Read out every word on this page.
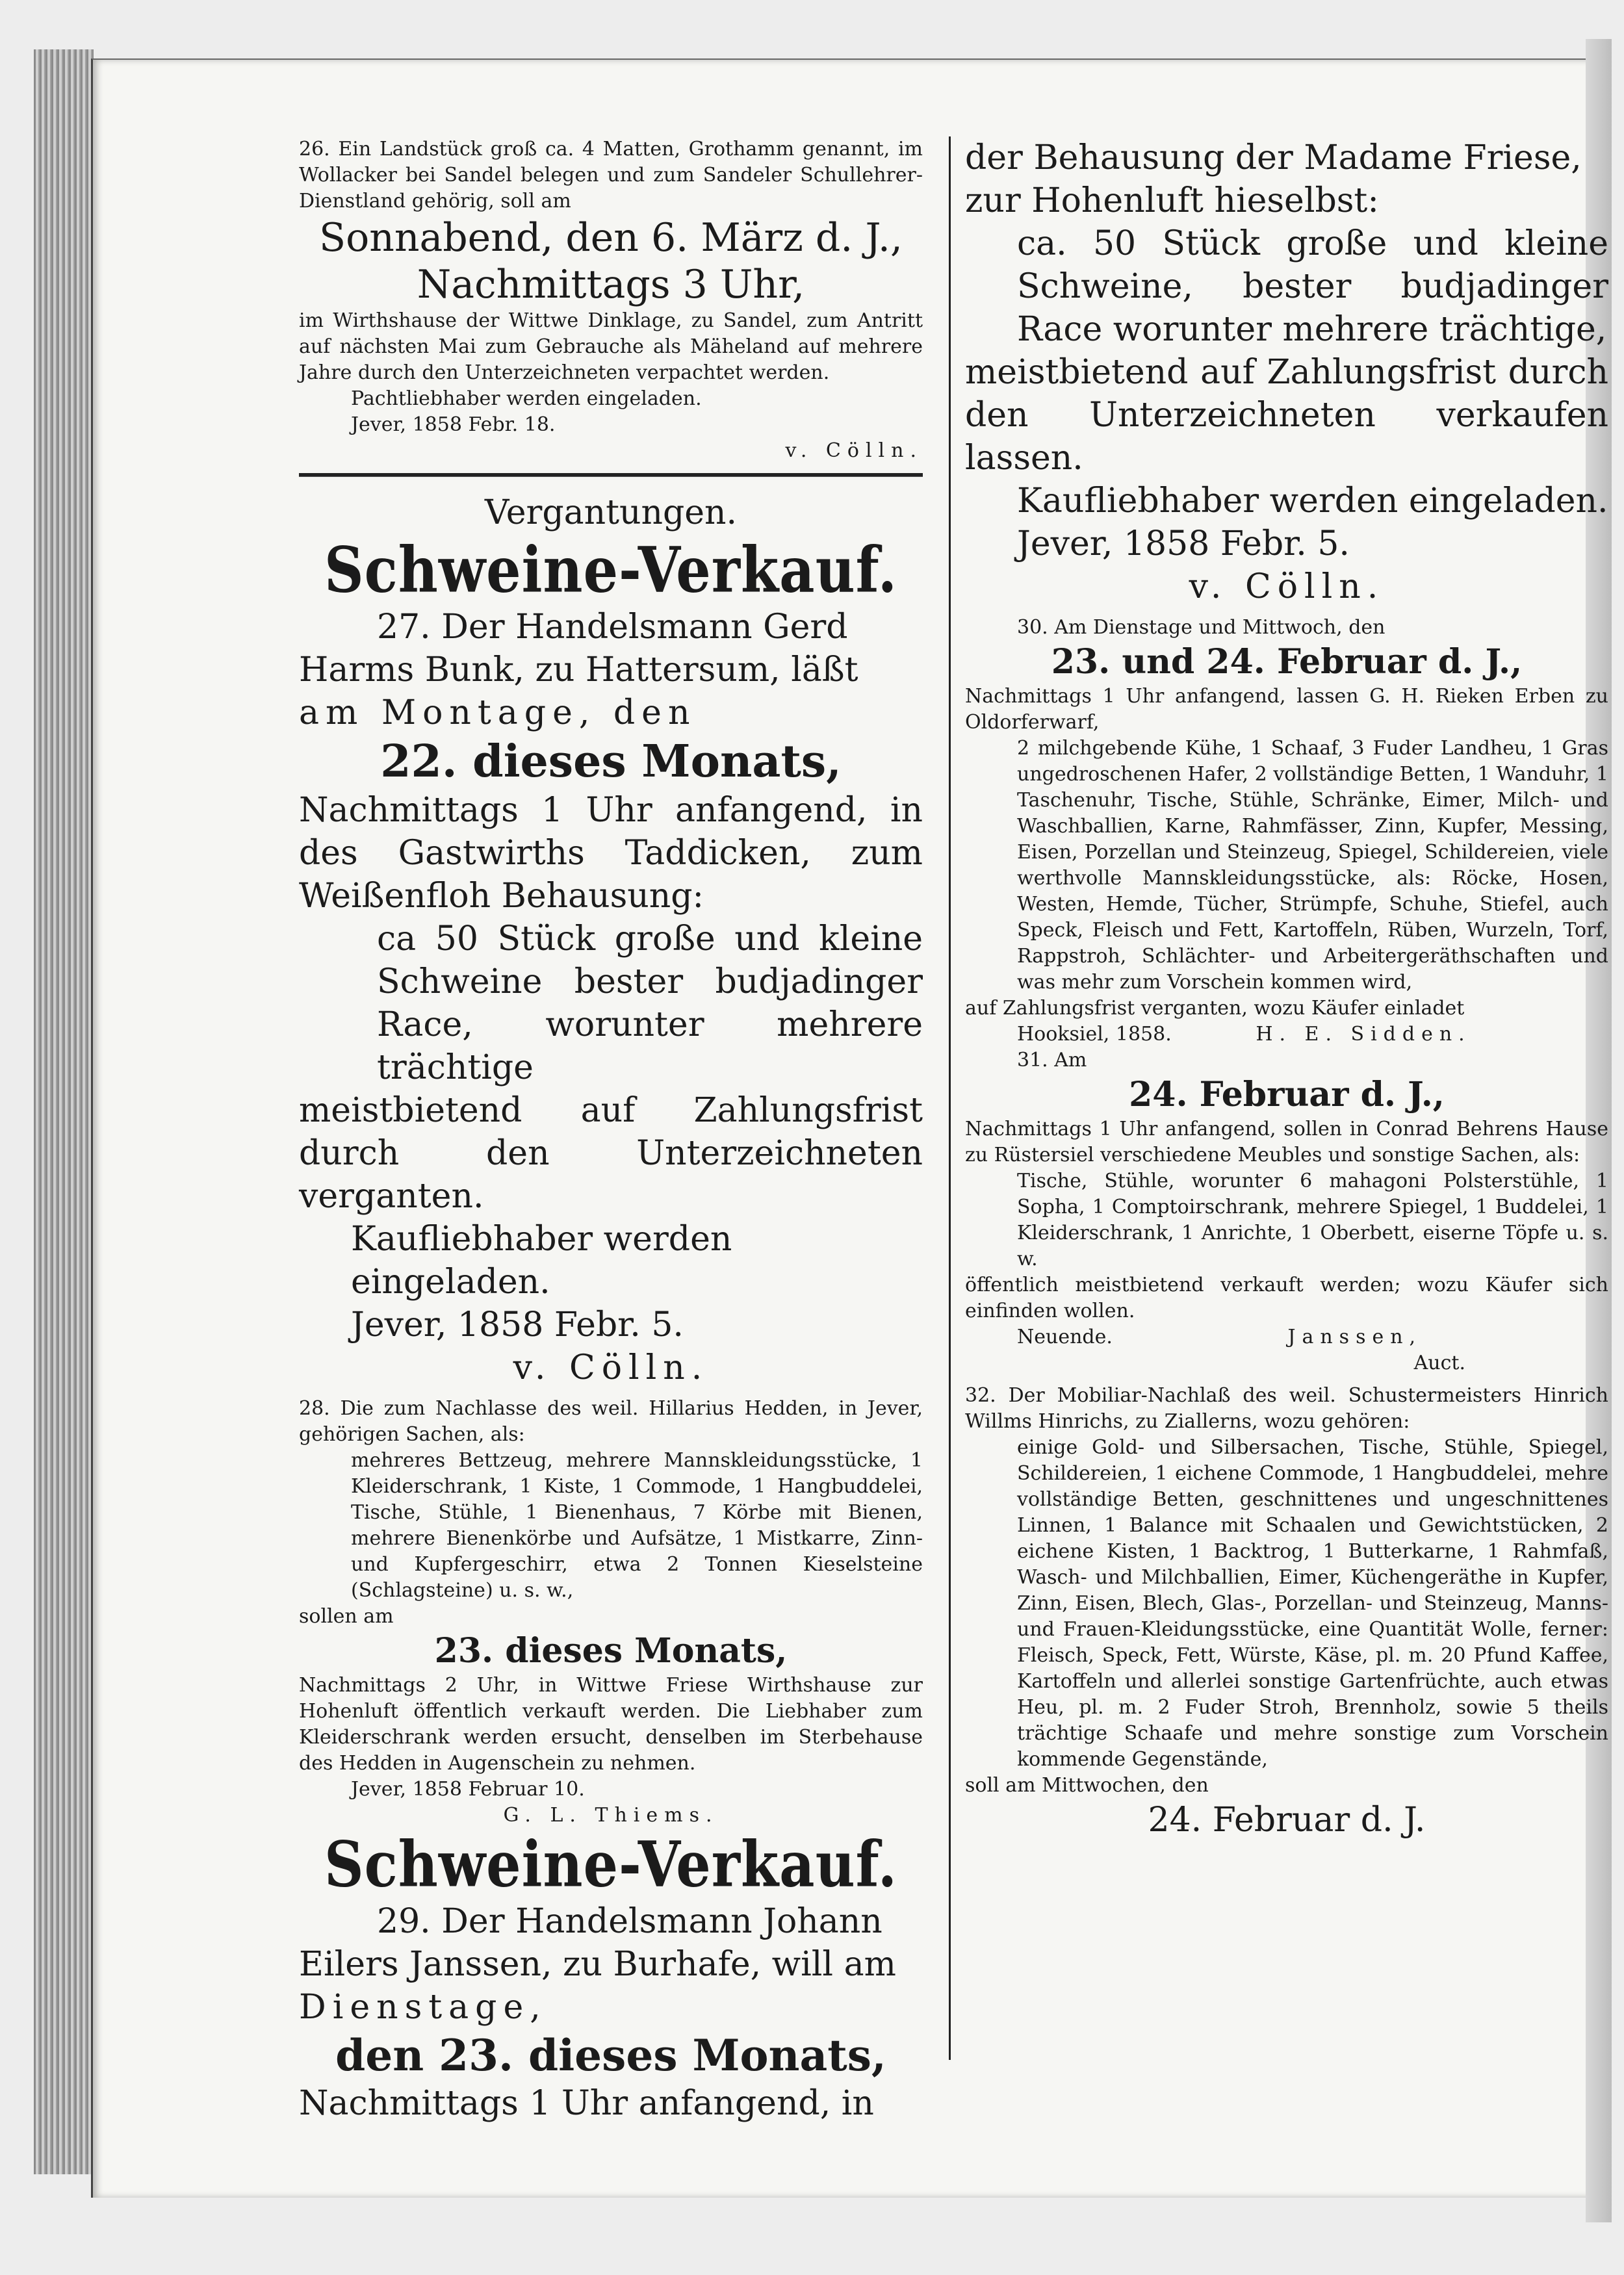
26. Ein Landstück groß ca. 4 Matten, Grothamm genannt, im Wollacker bei Sandel belegen und zum Sandeler Schullehrer-Dienstland gehörig, soll am

Sonnabend, den 6. März d. J.,

Nachmittags 3 Uhr,

im Wirthshause der Wittwe Dinklage, zu Sandel, zum Antritt auf nächsten Mai zum Gebrauche als Mäheland auf mehrere Jahre durch den Unterzeichneten verpachtet werden.

Pachtliebhaber werden eingeladen.

Jever, 1858 Febr. 18.

v. Cölln.

Vergantungen.

Schweine-Verkauf.

27. Der Handelsmann Gerd

Harms Bunk, zu Hattersum, läßt

am Montage, den

22. dieses Monats,

Nachmittags 1 Uhr anfangend, in des Gastwirths Taddicken, zum Weißenfloh Behausung:

ca 50 Stück große und kleine Schweine bester budjadinger Race, worunter mehrere trächtige

meistbietend auf Zahlungsfrist durch den Unterzeichneten verganten.

Kaufliebhaber werden eingeladen.

Jever, 1858 Febr. 5.

v. Cölln.

28. Die zum Nachlasse des weil. Hillarius Hedden, in Jever, gehörigen Sachen, als:

mehreres Bettzeug, mehrere Mannskleidungsstücke, 1 Kleiderschrank, 1 Kiste, 1 Commode, 1 Hangbuddelei, Tische, Stühle, 1 Bienenhaus, 7 Körbe mit Bienen, mehrere Bienenkörbe und Aufsätze, 1 Mistkarre, Zinn- und Kupfergeschirr, etwa 2 Tonnen Kieselsteine (Schlagsteine) u. s. w.,

sollen am

23. dieses Monats,

Nachmittags 2 Uhr, in Wittwe Friese Wirthshause zur Hohenluft öffentlich verkauft werden. Die Liebhaber zum Kleiderschrank werden ersucht, denselben im Sterbehause des Hedden in Augenschein zu nehmen.

Jever, 1858 Februar 10.

G. L. Thiems.

Schweine-Verkauf.

29. Der Handelsmann Johann

Eilers Janssen, zu Burhafe, will am

Dienstage,

den 23. dieses Monats,

Nachmittags 1 Uhr anfangend, in

der Behausung der Madame Friese,

zur Hohenluft hieselbst:

ca. 50 Stück große und kleine Schweine, bester budjadinger Race worunter mehrere trächtige,

meistbietend auf Zahlungsfrist durch den Unterzeichneten verkaufen lassen.

Kaufliebhaber werden eingeladen.

Jever, 1858 Febr. 5.

v. Cölln.

30. Am Dienstage und Mittwoch, den

23. und 24. Februar d. J.,

Nachmittags 1 Uhr anfangend, lassen G. H. Rieken Erben zu Oldorferwarf,

2 milchgebende Kühe, 1 Schaaf, 3 Fuder Landheu, 1 Gras ungedroschenen Hafer, 2 vollständige Betten, 1 Wanduhr, 1 Taschenuhr, Tische, Stühle, Schränke, Eimer, Milch- und Waschballien, Karne, Rahmfässer, Zinn, Kupfer, Messing, Eisen, Porzellan und Steinzeug, Spiegel, Schildereien, viele werthvolle Mannskleidungsstücke, als: Röcke, Hosen, Westen, Hemde, Tücher, Strümpfe, Schuhe, Stiefel, auch Speck, Fleisch und Fett, Kartoffeln, Rüben, Wurzeln, Torf, Rappstroh, Schlächter- und Arbeitergeräthschaften und was mehr zum Vorschein kommen wird,

auf Zahlungsfrist verganten, wozu Käufer einladet

Hooksiel, 1858.	H. E. Sidden.

31. Am

24. Februar d. J.,

Nachmittags 1 Uhr anfangend, sollen in Conrad Behrens Hause zu Rüstersiel verschiedene Meubles und sonstige Sachen, als:

Tische, Stühle, worunter 6 mahagoni Polsterstühle, 1 Sopha, 1 Comptoirschrank, mehrere Spiegel, 1 Buddelei, 1 Kleiderschrank, 1 Anrichte, 1 Oberbett, eiserne Töpfe u. s. w.

öffentlich meistbietend verkauft werden; wozu Käufer sich einfinden wollen.

Neuende.	Janssen,

Auct.

32. Der Mobiliar-Nachlaß des weil. Schustermeisters Hinrich Willms Hinrichs, zu Ziallerns, wozu gehören:

einige Gold- und Silbersachen, Tische, Stühle, Spiegel, Schildereien, 1 eichene Commode, 1 Hangbuddelei, mehre vollständige Betten, geschnittenes und ungeschnittenes Linnen, 1 Balance mit Schaalen und Gewichtstücken, 2 eichene Kisten, 1 Backtrog, 1 Butterkarne, 1 Rahmfaß, Wasch- und Milchballien, Eimer, Küchengeräthe in Kupfer, Zinn, Eisen, Blech, Glas-, Porzellan- und Steinzeug, Manns- und Frauen-Kleidungsstücke, eine Quantität Wolle, ferner: Fleisch, Speck, Fett, Würste, Käse, pl. m. 20 Pfund Kaffee, Kartoffeln und allerlei sonstige Gartenfrüchte, auch etwas Heu, pl. m. 2 Fuder Stroh, Brennholz, sowie 5 theils trächtige Schaafe und mehre sonstige zum Vorschein kommende Gegenstände,

soll am Mittwochen, den

24. Februar d. J.
